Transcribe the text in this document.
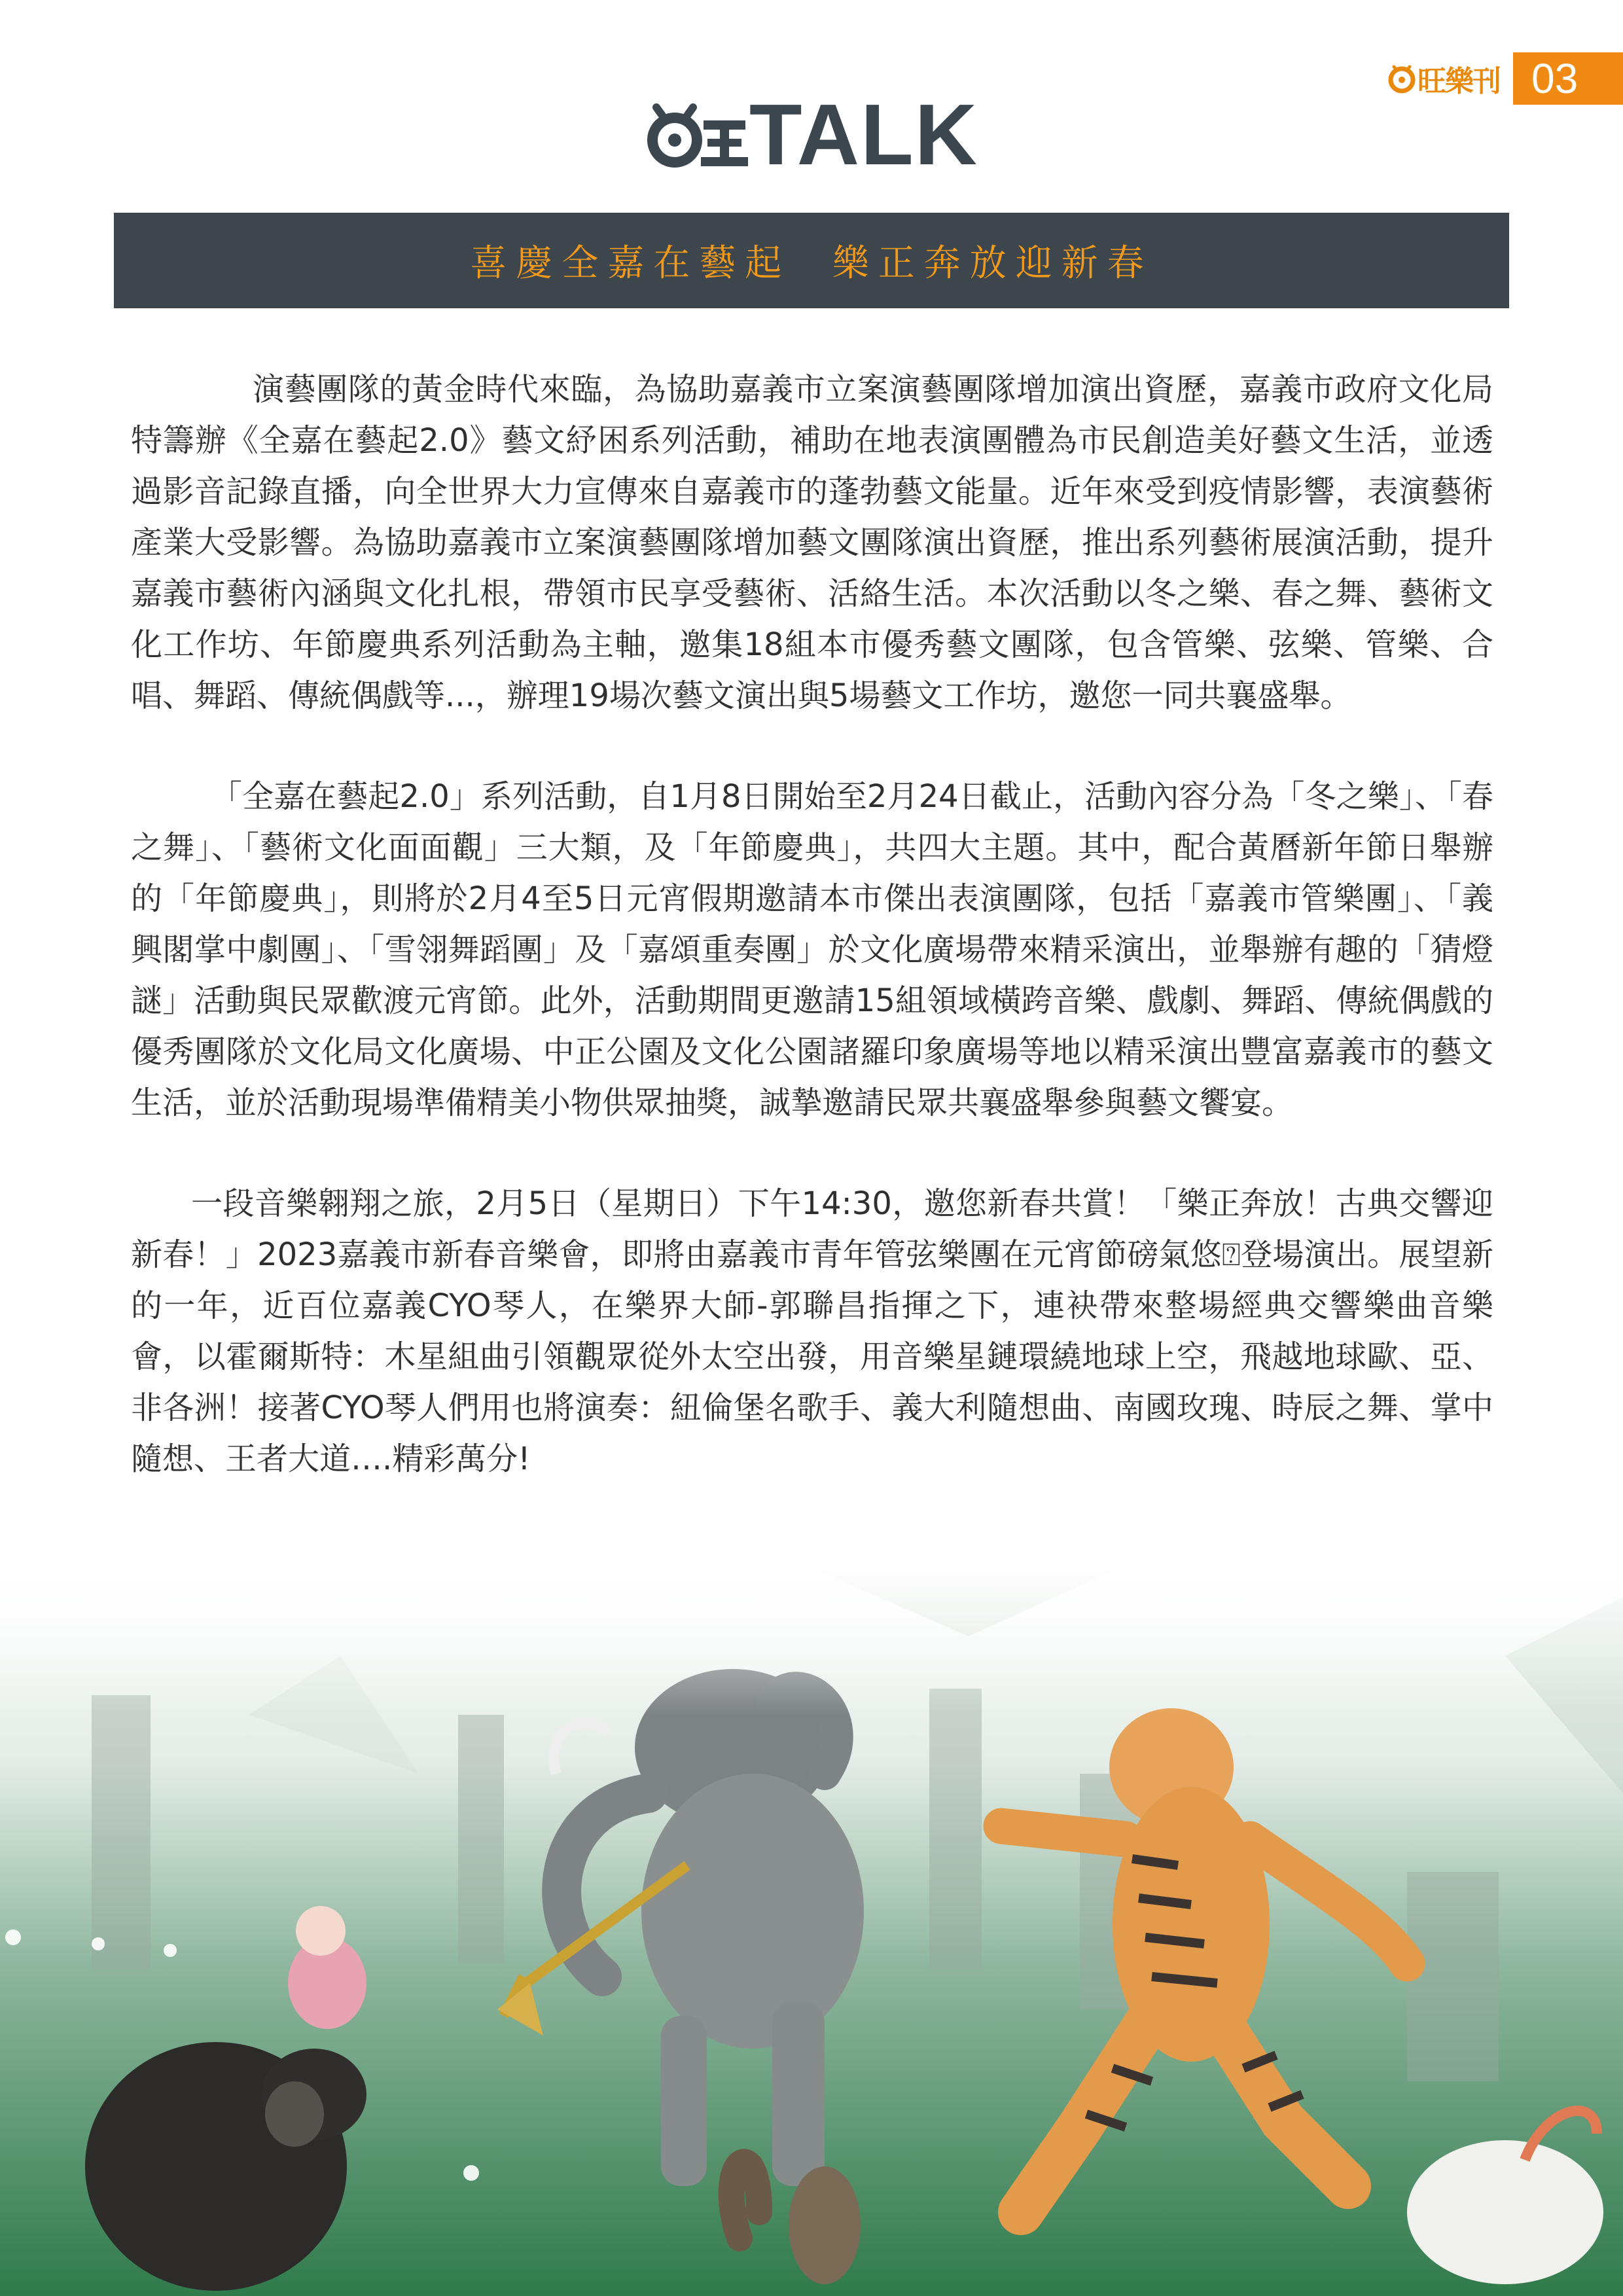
旺樂刊 03
TALK
喜慶全嘉在藝起  樂正奔放迎新春

演藝團隊的黃金時代來臨，為協助嘉義市立案演藝團隊增加演出資歷，嘉義市政府文化局特籌辦《全嘉在藝起2.0》藝文紓困系列活動，補助在地表演團體為市民創造美好藝文生活，並透過影音記錄直播，向全世界大力宣傳來自嘉義市的蓬勃藝文能量。近年來受到疫情影響，表演藝術產業大受影響。為協助嘉義市立案演藝團隊增加藝文團隊演出資歷，推出系列藝術展演活動，提升嘉義市藝術內涵與文化扎根，帶領市民享受藝術、活絡生活。本次活動以冬之樂、春之舞、藝術文化工作坊、年節慶典系列活動為主軸，邀集18組本市優秀藝文團隊，包含管樂、弦樂、管樂、合唱、舞蹈、傳統偶戲等...，辦理19場次藝文演出與5場藝文工作坊，邀您一同共襄盛舉。

「全嘉在藝起2.0」系列活動，自1月8日開始至2月24日截止，活動內容分為「冬之樂」、「春之舞」、「藝術文化面面觀」三大類，及「年節慶典」，共四大主題。其中，配合黃曆新年節日舉辦的「年節慶典」，則將於2月4至5日元宵假期邀請本市傑出表演團隊，包括「嘉義市管樂團」、「義興閣掌中劇團」、「雪翎舞蹈團」及「嘉頌重奏團」於文化廣場帶來精采演出，並舉辦有趣的「猜燈謎」活動與民眾歡渡元宵節。此外，活動期間更邀請15組領域橫跨音樂、戲劇、舞蹈、傳統偶戲的優秀團隊於文化局文化廣場、中正公園及文化公園諸羅印象廣場等地以精采演出豐富嘉義市的藝文生活，並於活動現場準備精美小物供眾抽獎，誠摯邀請民眾共襄盛舉參與藝文饗宴。

一段音樂翱翔之旅，2月5日（星期日）下午14:30，邀您新春共賞！「樂正奔放！古典交響迎新春！」2023嘉義市新春音樂會，即將由嘉義市青年管弦樂團在元宵節磅氣悠⍰登場演出。展望新的一年，近百位嘉義CYO琴人，在樂界大師-郭聯昌指揮之下，連袂帶來整場經典交響樂曲音樂會，以霍爾斯特：木星組曲引領觀眾從外太空出發，用音樂星鏈環繞地球上空，飛越地球歐、亞、非各洲！接著CYO琴人們用也將演奏：紐倫堡名歌手、義大利隨想曲、南國玫瑰、時辰之舞、掌中隨想、王者大道….精彩萬分!
